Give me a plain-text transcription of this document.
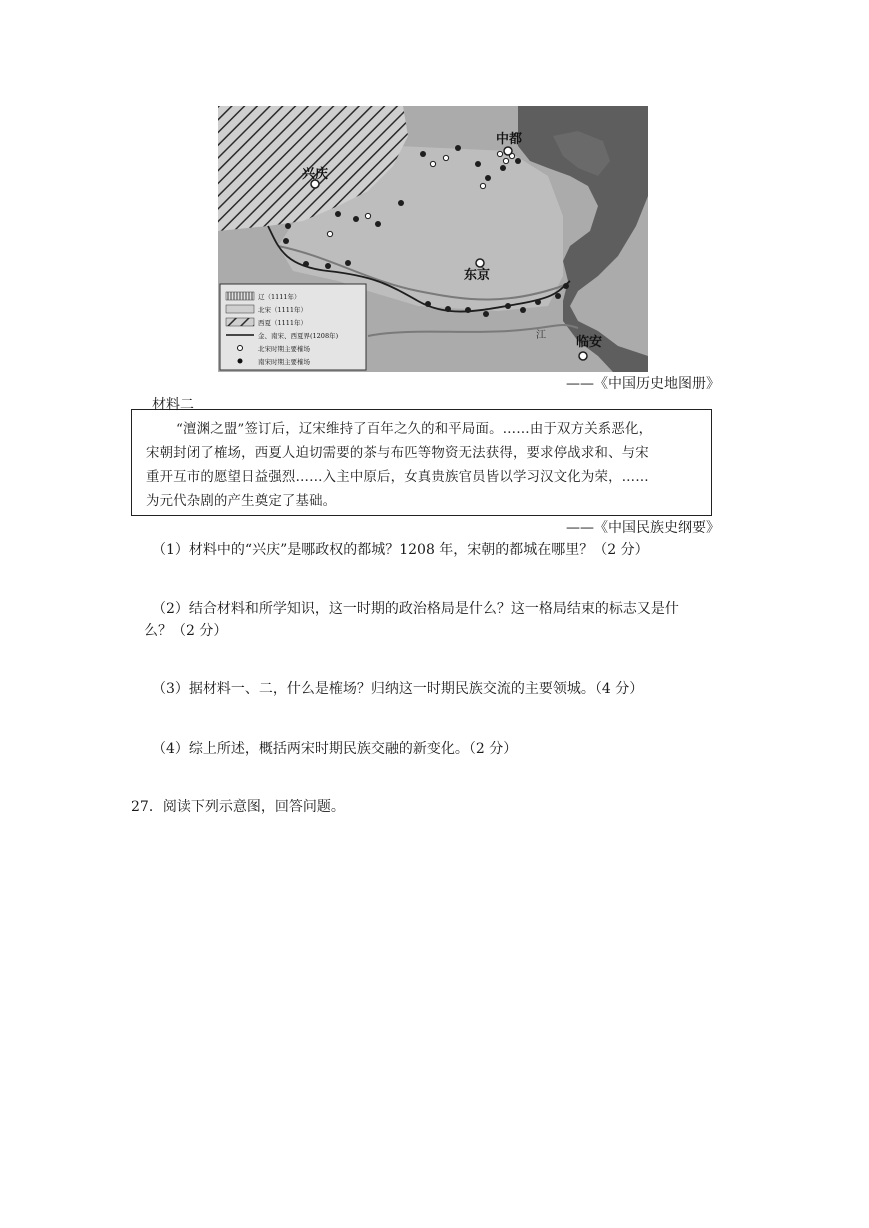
中都
兴庆
东京
临安
江
辽（1111年）
北宋（1111年）
西夏（1111年）
金、南宋、西夏界(1208年)
北宋时期主要榷场
南宋时期主要榷场
——《中国历史地图册》
材料二
“澶渊之盟”签订后，辽宋维持了百年之久的和平局面。……由于双方关系恶化，
宋朝封闭了榷场，西夏人迫切需要的茶与布匹等物资无法获得，要求停战求和、与宋
重开互市的愿望日益强烈……入主中原后，女真贵族官员皆以学习汉文化为荣，……
为元代杂剧的产生奠定了基础。
——《中国民族史纲要》
（1）材料中的“兴庆”是哪政权的都城？1208 年，宋朝的都城在哪里？（2 分）
（2）结合材料和所学知识，这一时期的政治格局是什么？这一格局结束的标志又是什
么？（2 分）
（3）据材料一、二，什么是榷场？归纳这一时期民族交流的主要领城。（4 分）
（4）综上所述，概括两宋时期民族交融的新变化。（2 分）
27．阅读下列示意图，回答问题。
